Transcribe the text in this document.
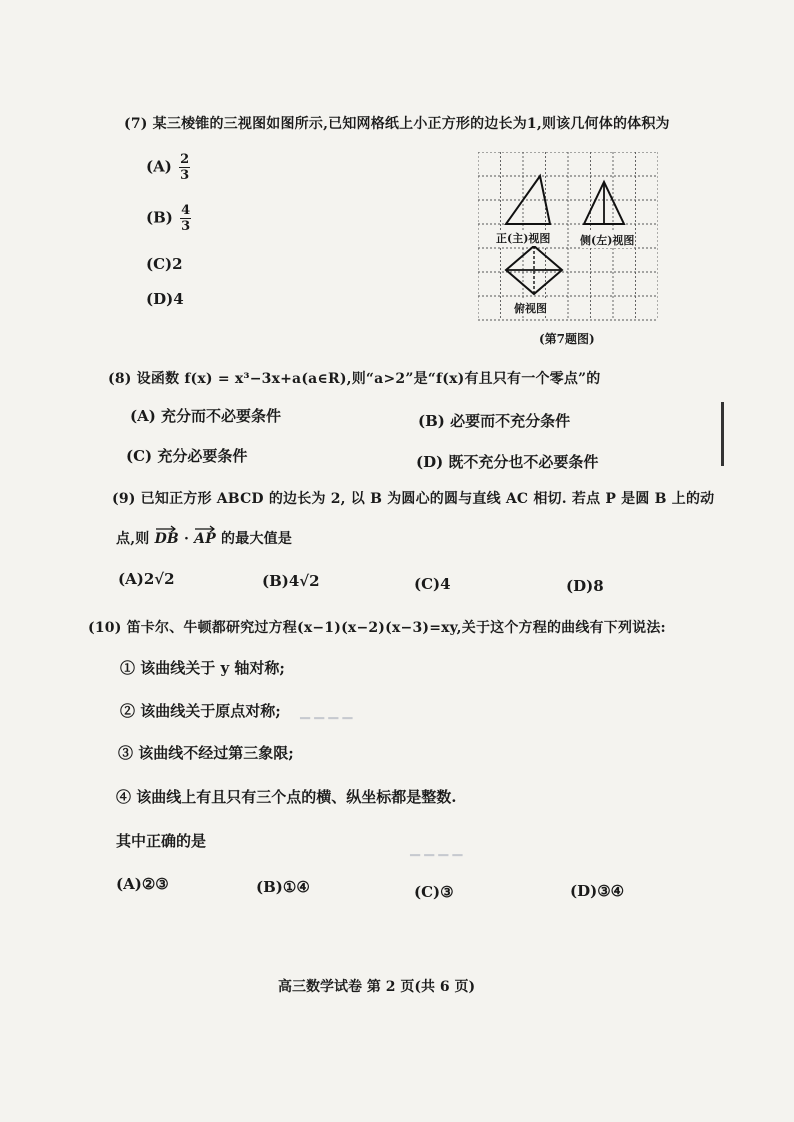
▁ ▁ ▁ ▁
▁ ▁ ▁ ▁
(7) 某三棱锥的三视图如图所示,已知网格纸上小正方形的边长为1,则该几何体的体积为
$(A) \frac{2}{3}$
$(B) \frac{4}{3}$
(C)2
(D)4
正(主)视图	侧(左)视图
俯视图
(第7题图)
(8) 设函数 f(x) = x³−3x+a(a∈R),则“a>2”是“f(x)有且只有一个零点”的
(A) 充分而不必要条件	(B) 必要而不充分条件
(C) 充分必要条件	(D) 既不充分也不必要条件
(9) 已知正方形 ABCD 的边长为 2, 以 B 为圆心的圆与直线 AC 相切. 若点 P 是圆 B 上的动
点,则 DB · AP 的最大值是
(A)2√2	(B)4√2	(C)4	(D)8
(10) 笛卡尔、牛顿都研究过方程(x−1)(x−2)(x−3)=xy,关于这个方程的曲线有下列说法:
① 该曲线关于 y 轴对称;
② 该曲线关于原点对称;
③ 该曲线不经过第三象限;
④ 该曲线上有且只有三个点的横、纵坐标都是整数.
其中正确的是
(A)②③	(B)①④	(C)③	(D)③④
高三数学试卷 第 2 页(共 6 页)
